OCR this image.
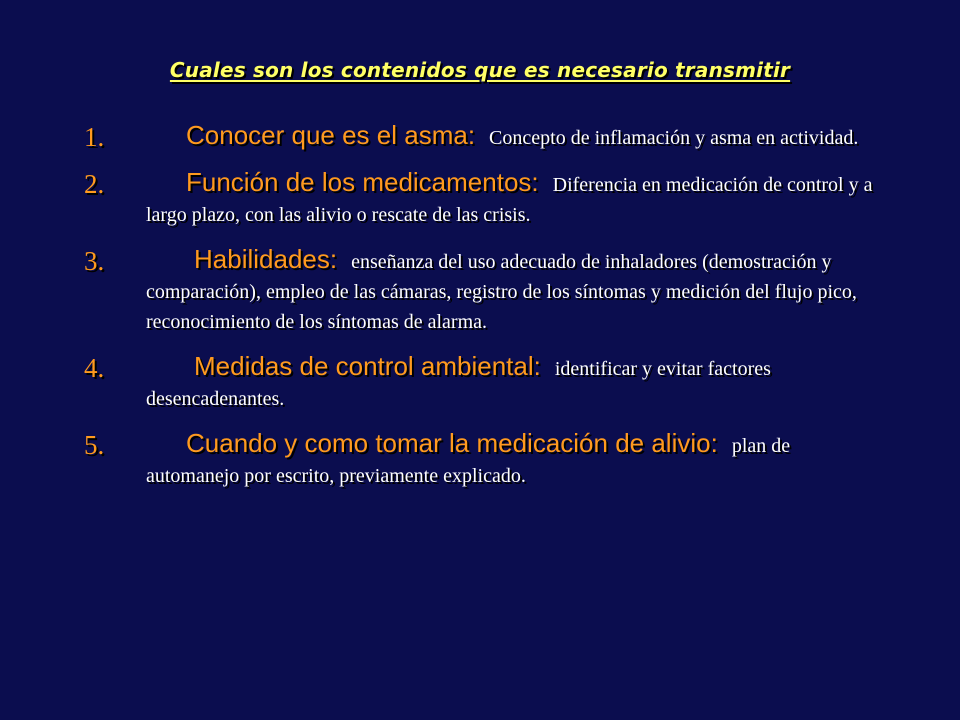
Cuales son los contenidos que es necesario transmitir
1.	Conocer que es el asma: Concepto de inflamación y asma en actividad.
2.	Función de los medicamentos: Diferencia en medicación de control y a largo plazo, con las alivio o rescate de las crisis.
3.	Habilidades: enseñanza del uso adecuado de inhaladores (demostración y comparación), empleo de las cámaras, registro de los síntomas y medición del flujo pico, reconocimiento de los síntomas de alarma.
4.	Medidas de control ambiental: identificar y evitar factores desencadenantes.
5.	Cuando y como tomar la medicación de alivio: plan de automanejo por escrito, previamente explicado.
